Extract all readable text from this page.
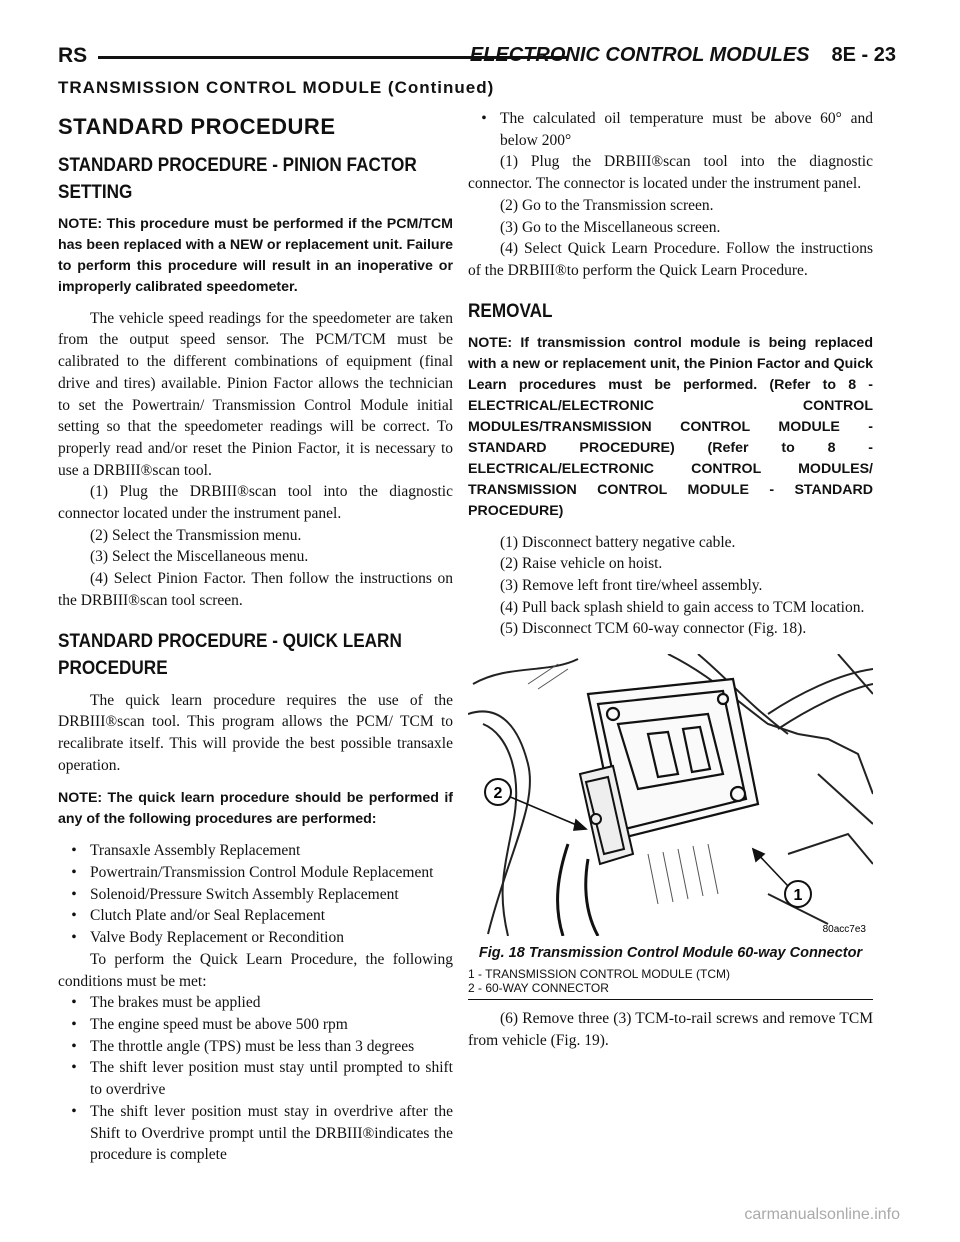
RS	ELECTRONIC CONTROL MODULES 8E - 23
TRANSMISSION CONTROL MODULE (Continued)
STANDARD PROCEDURE
STANDARD PROCEDURE - PINION FACTOR SETTING

NOTE: This procedure must be performed if the PCM/TCM has been replaced with a NEW or replacement unit. Failure to perform this procedure will result in an inoperative or improperly calibrated speedometer.

The vehicle speed readings for the speedometer are taken from the output speed sensor. The PCM/TCM must be calibrated to the different combinations of equipment (final drive and tires) available. Pinion Factor allows the technician to set the Powertrain/ Transmission Control Module initial setting so that the speedometer readings will be correct. To properly read and/or reset the Pinion Factor, it is necessary to use a DRBIII®scan tool.

(1) Plug the DRBIII®scan tool into the diagnostic connector located under the instrument panel.

(2) Select the Transmission menu.

(3) Select the Miscellaneous menu.

(4) Select Pinion Factor. Then follow the instructions on the DRBIII®scan tool screen.

STANDARD PROCEDURE - QUICK LEARN PROCEDURE

The quick learn procedure requires the use of the DRBIII®scan tool. This program allows the PCM/ TCM to recalibrate itself. This will provide the best possible transaxle operation.

NOTE: The quick learn procedure should be performed if any of the following procedures are performed:

• Transaxle Assembly Replacement

• Powertrain/Transmission Control Module Replacement

• Solenoid/Pressure Switch Assembly Replacement

• Clutch Plate and/or Seal Replacement

• Valve Body Replacement or Recondition

To perform the Quick Learn Procedure, the following conditions must be met:

• The brakes must be applied

• The engine speed must be above 500 rpm

• The throttle angle (TPS) must be less than 3 degrees

• The shift lever position must stay until prompted to shift to overdrive

• The shift lever position must stay in overdrive after the Shift to Overdrive prompt until the DRBIII®indicates the procedure is complete

• The calculated oil temperature must be above 60° and below 200°

(1) Plug the DRBIII®scan tool into the diagnostic connector. The connector is located under the instrument panel.

(2) Go to the Transmission screen.

(3) Go to the Miscellaneous screen.

(4) Select Quick Learn Procedure. Follow the instructions of the DRBIII®to perform the Quick Learn Procedure.

REMOVAL

NOTE: If transmission control module is being replaced with a new or replacement unit, the Pinion Factor and Quick Learn procedures must be performed. (Refer to 8 - ELECTRICAL/ELECTRONIC CONTROL MODULES/TRANSMISSION CONTROL MODULE - STANDARD PROCEDURE) (Refer to 8 - ELECTRICAL/ELECTRONIC CONTROL MODULES/ TRANSMISSION CONTROL MODULE - STANDARD PROCEDURE)

(1) Disconnect battery negative cable.

(2) Raise vehicle on hoist.

(3) Remove left front tire/wheel assembly.

(4) Pull back splash shield to gain access to TCM location.

(5) Disconnect TCM 60-way connector (Fig. 18).

2
1
80acc7e3
Fig. 18 Transmission Control Module 60-way Connector
1 - TRANSMISSION CONTROL MODULE (TCM)
2 - 60-WAY CONNECTOR

(6) Remove three (3) TCM-to-rail screws and remove TCM from vehicle (Fig. 19).

carmanualsonline.info
